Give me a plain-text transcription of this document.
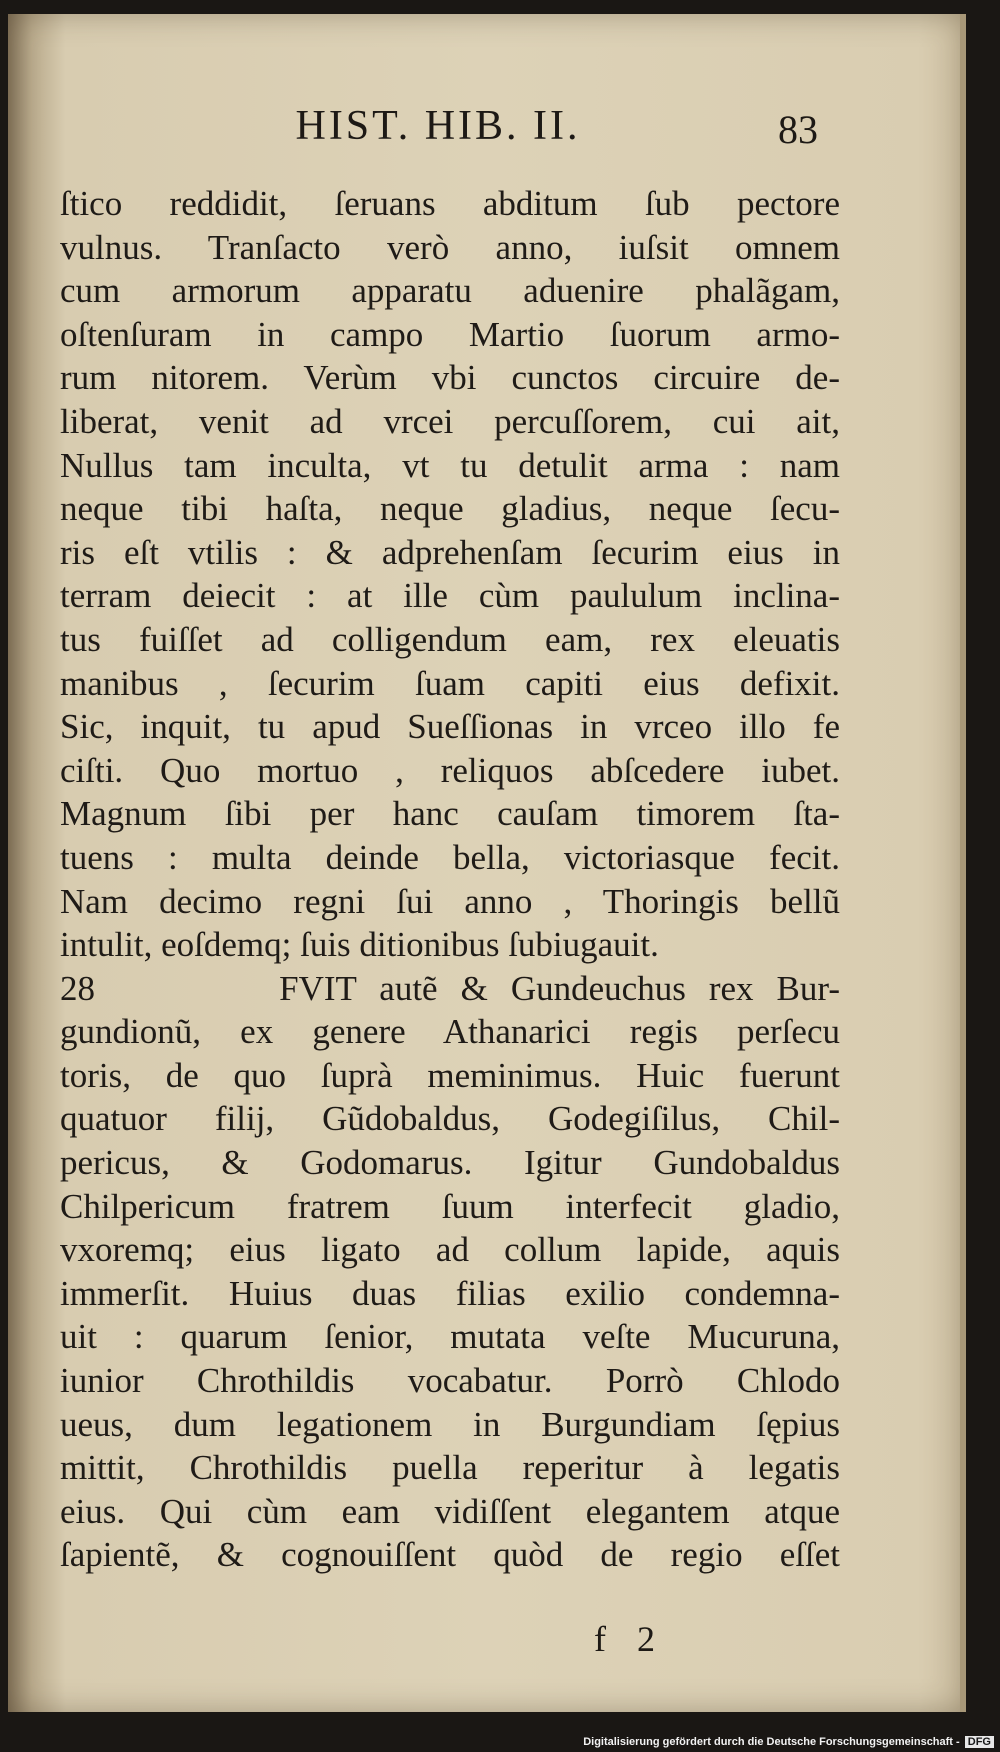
HIST. HIB. II.	83
ſtico reddidit, ſeruans abditum ſub pectore
vulnus. Tranſacto verò anno, iuſsit omnem
cum armorum apparatu aduenire phalãgam,
oſtenſuram in campo Martio ſuorum armo-
rum nitorem. Verùm vbi cunctos circuire de-
liberat, venit ad vrcei percuſſorem, cui ait,
Nullus tam inculta, vt tu detulit arma : nam
neque tibi haſta, neque gladius, neque ſecu-
ris eſt vtilis : & adprehenſam ſecurim eius in
terram deiecit : at ille cùm paululum inclina-
tus fuiſſet ad colligendum eam, rex eleuatis
manibus , ſecurim ſuam capiti eius defixit.
Sic, inquit, tu apud Sueſſionas in vrceo illo fe
ciſti. Quo mortuo , reliquos abſcedere iubet.
Magnum ſibi per hanc cauſam timorem ſta-
tuens : multa deinde bella, victoriasque fecit.
Nam decimo regni ſui anno , Thoringis bellũ
intulit, eoſdemq; ſuis ditionibus ſubiugauit.
28        FVIT autẽ & Gundeuchus rex Bur-
gundionũ, ex genere Athanarici regis perſecu
toris, de quo ſuprà meminimus. Huic fuerunt
quatuor filij, Gũdobaldus, Godegiſilus, Chil-
pericus, & Godomarus. Igitur Gundobaldus
Chilpericum fratrem ſuum interfecit gladio,
vxoremq; eius ligato ad collum lapide, aquis
immerſit. Huius duas filias exilio condemna-
uit : quarum ſenior, mutata veſte Mucuruna,
iunior Chrothildis vocabatur. Porrò Chlodo
ueus, dum legationem in Burgundiam ſępius
mittit, Chrothildis puella reperitur à legatis
eius. Qui cùm eam vidiſſent elegantem atque
ſapientẽ, & cognouiſſent quòd de regio eſſet
f 2
Digitalisierung gefördert durch die Deutsche Forschungsgemeinschaft - DFG
